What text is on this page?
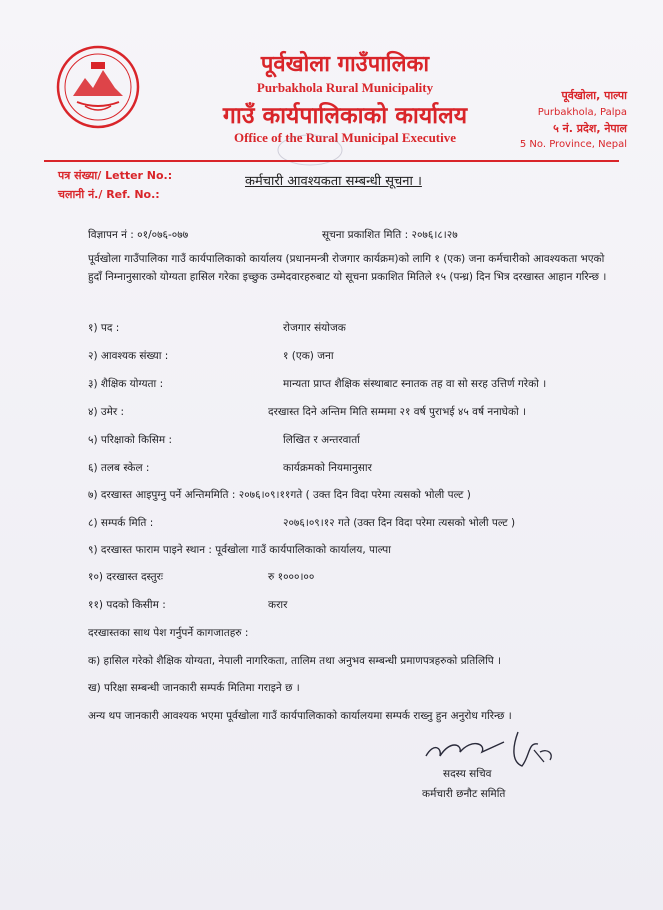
पूर्वखोला गाउँपालिका
Purbakhola Rural Municipality
गाउँ कार्यपालिकाको कार्यालय
Office of the Rural Municipal Executive
पूर्वखोला, पाल्पा
Purbakhola, Palpa
५ नं. प्रदेश, नेपाल
5 No. Province, Nepal
पत्र संख्या/ Letter No.:
चलानी नं./ Ref. No.:
कर्मचारी आवश्यकता सम्बन्धी सूचना ।
विज्ञापन नं : ०१/०७६-०७७	सूचना प्रकाशित मिति : २०७६।८।२७
पूर्वखोला गाउँपालिका गाउँ कार्यपालिकाको कार्यालय (प्रधानमन्त्री रोजगार कार्यक्रम)को लागि १ (एक) जना कर्मचारीको आवश्यकता भएको हुदाँ निम्नानुसारको योग्यता हासिल गरेका इच्छुक उम्मेदवारहरुबाट यो सूचना प्रकाशित मितिले १५ (पन्ध्र) दिन भित्र दरखास्त आहान गरिन्छ ।
१) पद :	रोजगार संयोजक
२) आवश्यक संख्या :	१ (एक) जना
३) शैक्षिक योग्यता :	मान्यता प्राप्त शैक्षिक संस्थाबाट स्नातक तह वा सो सरह उत्तिर्ण गरेको ।
४) उमेर :	दरखास्त दिने अन्तिम मिति सम्ममा २१ वर्ष पुराभई ४५ वर्ष ननाघेको ।
५) परिक्षाको किसिम :	लिखित र अन्तरवार्ता
६) तलब स्केल :	कार्यक्रमको नियमानुसार
७) दरखास्त आइपुग्नु पर्ने अन्तिममिति : २०७६।०९।११गते ( उक्त दिन विदा परेमा त्यसको भोली पल्ट )
८) सम्पर्क मिति :	२०७६।०९।१२ गते (उक्त दिन विदा परेमा त्यसको भोली पल्ट )
९) दरखास्त फाराम पाइने स्थान : पूर्वखोला गाउँ कार्यपालिकाको कार्यालय, पाल्पा
१०) दरखास्त दस्तुरः	रु १०००।००
११) पदको किसीम :	करार
दरखास्तका साथ पेश गर्नुपर्ने कागजातहरु :
क) हासिल गरेको शैक्षिक योग्यता, नेपाली नागरिकता, तालिम तथा अनुभव सम्बन्धी प्रमाणपत्रहरुको प्रतिलिपि ।
ख) परिक्षा सम्बन्धी जानकारी सम्पर्क मितिमा गराइने छ ।
अन्य थप जानकारी आवश्यक भएमा पूर्वखोला गाउँ कार्यपालिकाको कार्यालयमा सम्पर्क राख्नु हुन अनुरोध गरिन्छ ।
सदस्य सचिव
कर्मचारी छनौट समिति
